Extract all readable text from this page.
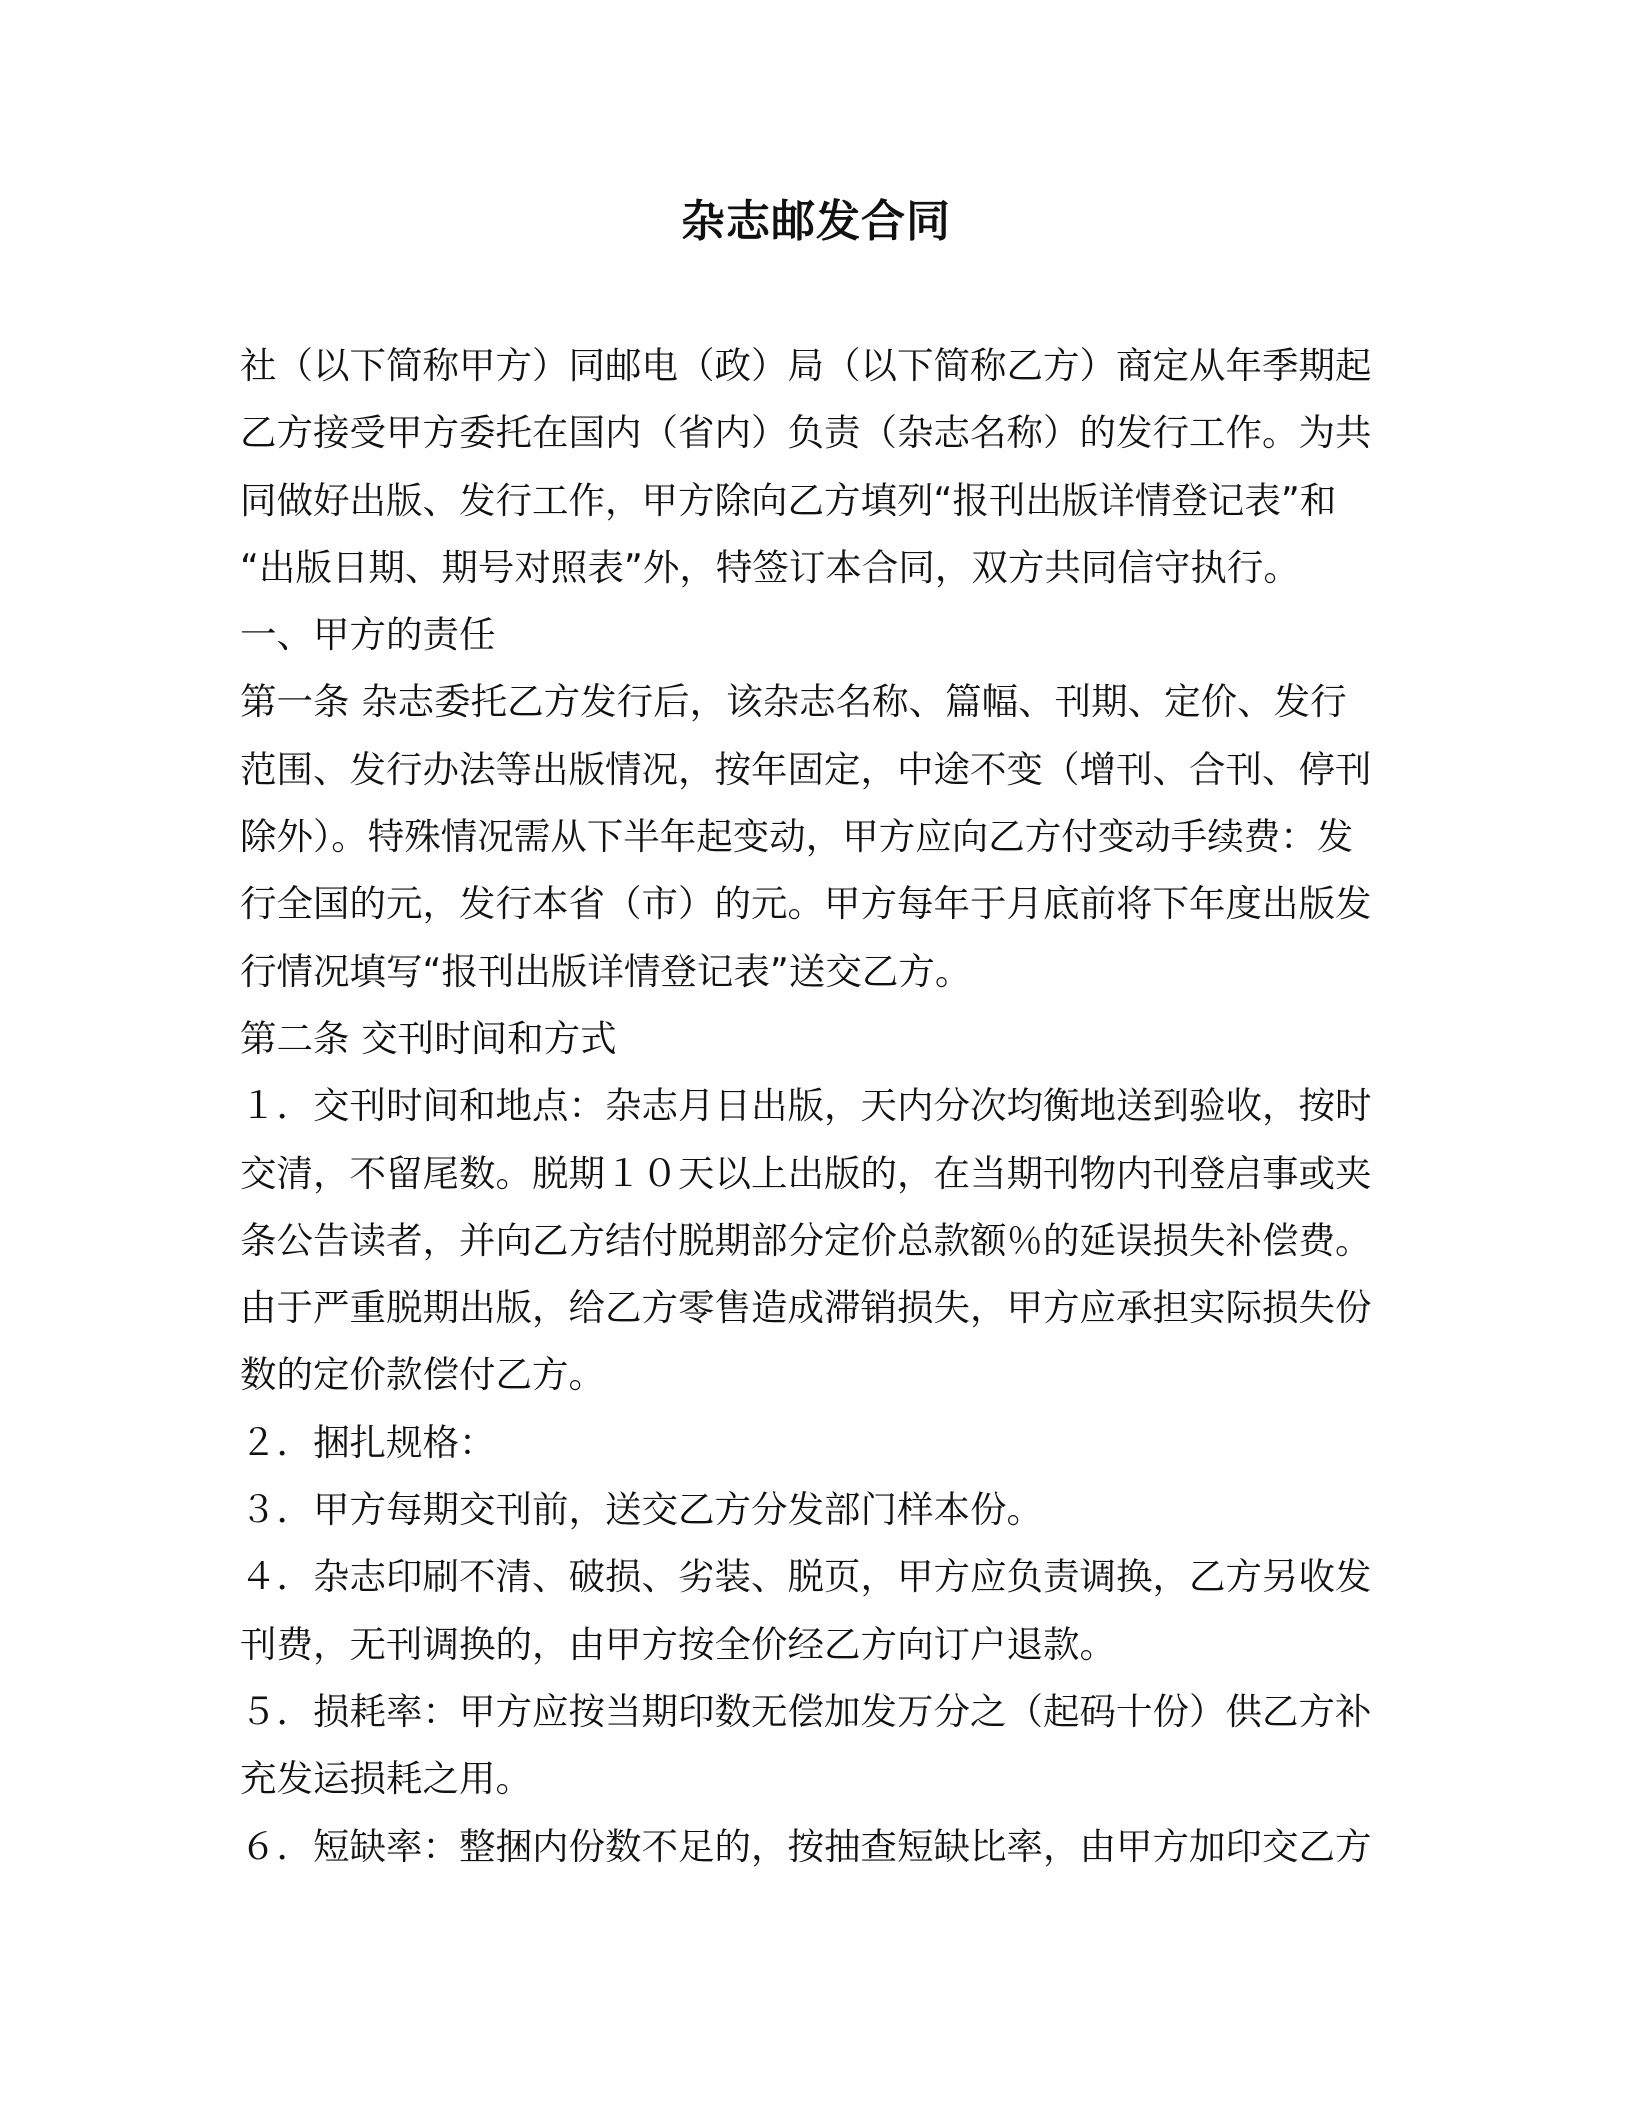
杂志邮发合同
社（以下简称甲方）同邮电（政）局（以下简称乙方）商定从年季期起
乙方接受甲方委托在国内（省内）负责（杂志名称）的发行工作。为共
同做好出版、发行工作，甲方除向乙方填列“报刊出版详情登记表”和
“出版日期、期号对照表”外，特签订本合同，双方共同信守执行。
一、甲方的责任
第一条 杂志委托乙方发行后，该杂志名称、篇幅、刊期、定价、发行
范围、发行办法等出版情况，按年固定，中途不变（增刊、合刊、停刊
除外）。特殊情况需从下半年起变动，甲方应向乙方付变动手续费：发
行全国的元，发行本省（市）的元。甲方每年于月底前将下年度出版发
行情况填写“报刊出版详情登记表”送交乙方。
第二条 交刊时间和方式
１．交刊时间和地点：杂志月日出版，天内分次均衡地送到验收，按时
交清，不留尾数。脱期１０天以上出版的，在当期刊物内刊登启事或夹
条公告读者，并向乙方结付脱期部分定价总款额％的延误损失补偿费。
由于严重脱期出版，给乙方零售造成滞销损失，甲方应承担实际损失份
数的定价款偿付乙方。
２．捆扎规格：
３．甲方每期交刊前，送交乙方分发部门样本份。
４．杂志印刷不清、破损、劣装、脱页，甲方应负责调换，乙方另收发
刊费，无刊调换的，由甲方按全价经乙方向订户退款。
５．损耗率：甲方应按当期印数无偿加发万分之（起码十份）供乙方补
充发运损耗之用。
６．短缺率：整捆内份数不足的，按抽查短缺比率，由甲方加印交乙方
